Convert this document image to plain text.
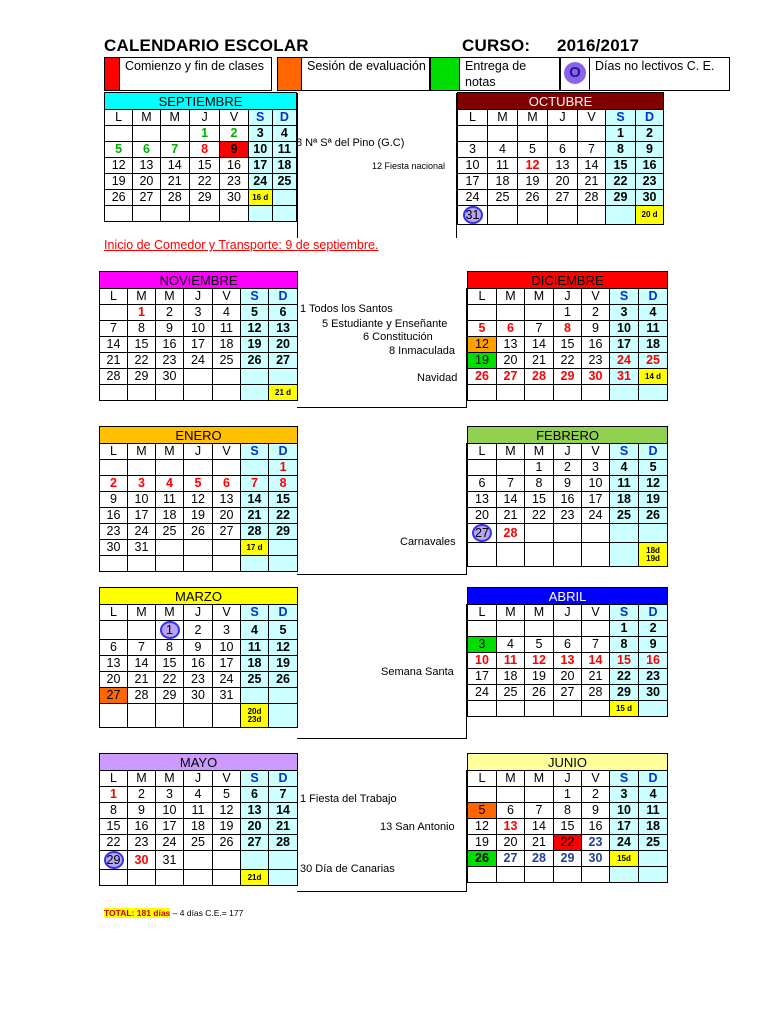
CALENDARIO ESCOLAR	CURSO: 2016/2017
Comienzo y fin de clases	Sesión de evaluación	Entrega de notas
O	Días no lectivos C. E.
SEPTIEMBRE						
L	M	M	J	V	S	D
			1	2	3	4
5	6	7	8	9	10	11
12	13	14	15	16	17	18
19	20	21	22	23	24	25
26	27	28	29	30	16 d	

OCTUBRE						
L	M	M	J	V	S	D
					1	2
3	4	5	6	7	8	9
10	11	12	13	14	15	16
17	18	19	20	21	22	23
24	25	26	27	28	29	30
31						20 d
8 Nª Sª del Pino (G.C)
12 Fiesta nacional
Inicio de Comedor y Transporte: 9 de septiembre.
NOVIEMBRE						
L	M	M	J	V	S	D
	1	2	3	4	5	6
7	8	9	10	11	12	13
14	15	16	17	18	19	20
21	22	23	24	25	26	27
28	29	30				
						21 d
DICIEMBRE						
L	M	M	J	V	S	D
			1	2	3	4
5	6	7	8	9	10	11
12	13	14	15	16	17	18
19	20	21	22	23	24	25
26	27	28	29	30	31	14 d

1 Todos los Santos
5 Estudiante y Enseñante
6 Constitución
8 Inmaculada
Navidad
ENERO						
L	M	M	J	V	S	D
						1
2	3	4	5	6	7	8
9	10	11	12	13	14	15
16	17	18	19	20	21	22
23	24	25	26	27	28	29
30	31				17 d	

FEBRERO						
L	M	M	J	V	S	D
		1	2	3	4	5
6	7	8	9	10	11	12
13	14	15	16	17	18	19
20	21	22	23	24	25	26
27	28					

						18d
19d
Carnavales
MARZO						
L	M	M	J	V	S	D
		1	2	3	4	5
6	7	8	9	10	11	12
13	14	15	16	17	18	19
20	21	22	23	24	25	26
27	28	29	30	31		

					20d
23d	

ABRIL						
L	M	M	J	V	S	D
					1	2
3	4	5	6	7	8	9
10	11	12	13	14	15	16
17	18	19	20	21	22	23
24	25	26	27	28	29	30
					15 d	
Semana Santa
MAYO						
L	M	M	J	V	S	D
1	2	3	4	5	6	7
8	9	10	11	12	13	14
15	16	17	18	19	20	21
22	23	24	25	26	27	28
29	30	31				
					21d	
JUNIO						
L	M	M	J	V	S	D
			1	2	3	4
5	6	7	8	9	10	11
12	13	14	15	16	17	18
19	20	21	22	23	24	25
26	27	28	29	30	15d	

1 Fiesta del Trabajo
13 San Antonio
30 Día de Canarias
TOTAL: 181 días – 4 días C.E.= 177
